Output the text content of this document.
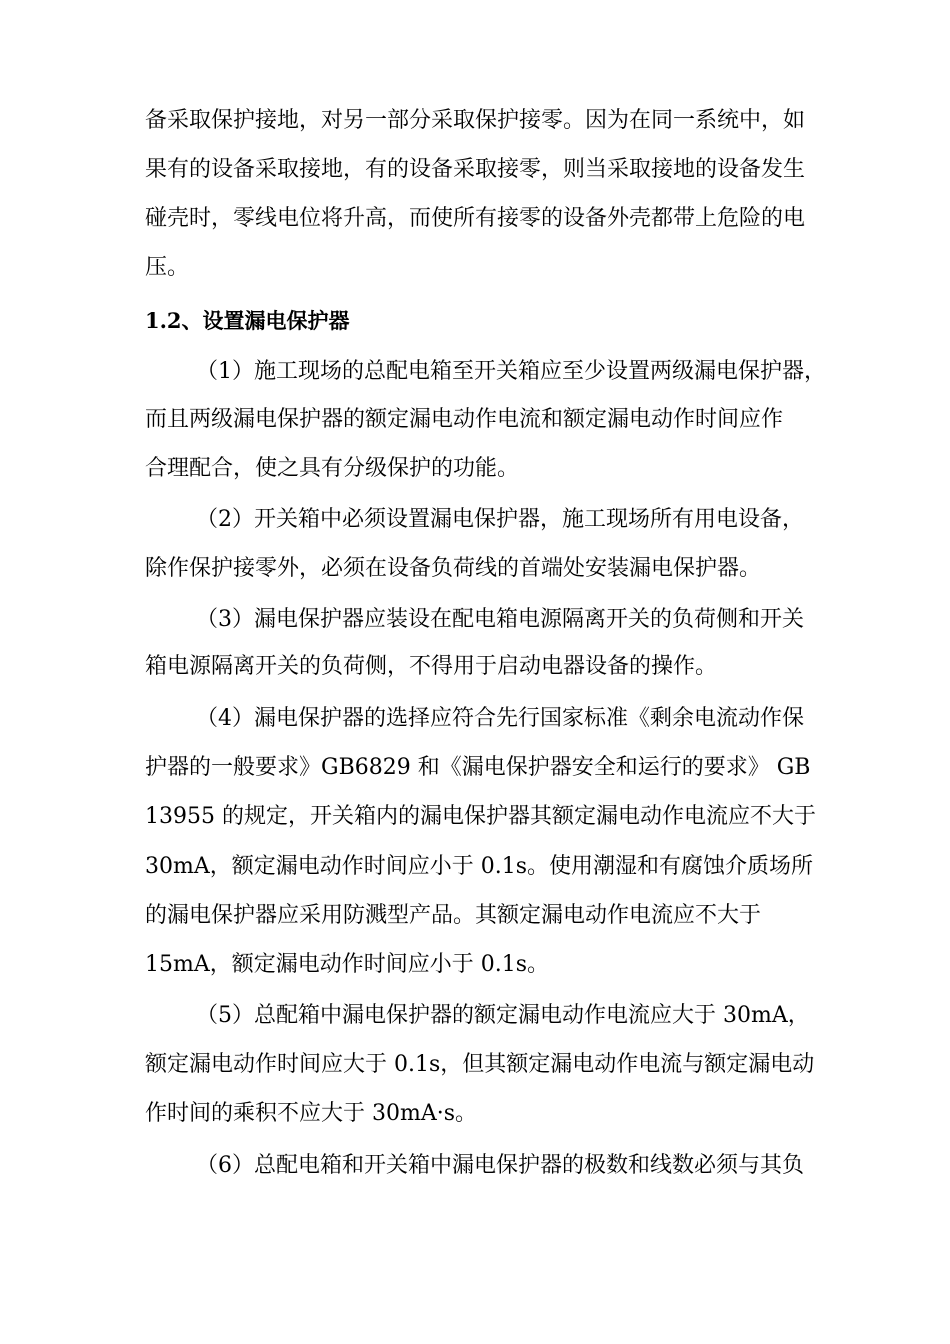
备采取保护接地，对另一部分采取保护接零。因为在同一系统中，如
果有的设备采取接地，有的设备采取接零，则当采取接地的设备发生
碰壳时，零线电位将升高，而使所有接零的设备外壳都带上危险的电
压。
1.2、设置漏电保护器
（1）施工现场的总配电箱至开关箱应至少设置两级漏电保护器，
而且两级漏电保护器的额定漏电动作电流和额定漏电动作时间应作
合理配合，使之具有分级保护的功能。
（2）开关箱中必须设置漏电保护器，施工现场所有用电设备，
除作保护接零外，必须在设备负荷线的首端处安装漏电保护器。
（3）漏电保护器应装设在配电箱电源隔离开关的负荷侧和开关
箱电源隔离开关的负荷侧，不得用于启动电器设备的操作。
（4）漏电保护器的选择应符合先行国家标准《剩余电流动作保
护器的一般要求》GB6829 和《漏电保护器安全和运行的要求》 GB
13955 的规定，开关箱内的漏电保护器其额定漏电动作电流应不大于
30mA，额定漏电动作时间应小于 0.1s。使用潮湿和有腐蚀介质场所
的漏电保护器应采用防溅型产品。其额定漏电动作电流应不大于
15mA，额定漏电动作时间应小于 0.1s。
（5）总配箱中漏电保护器的额定漏电动作电流应大于 30mA，
额定漏电动作时间应大于 0.1s，但其额定漏电动作电流与额定漏电动
作时间的乘积不应大于 30mA·s。
（6）总配电箱和开关箱中漏电保护器的极数和线数必须与其负
